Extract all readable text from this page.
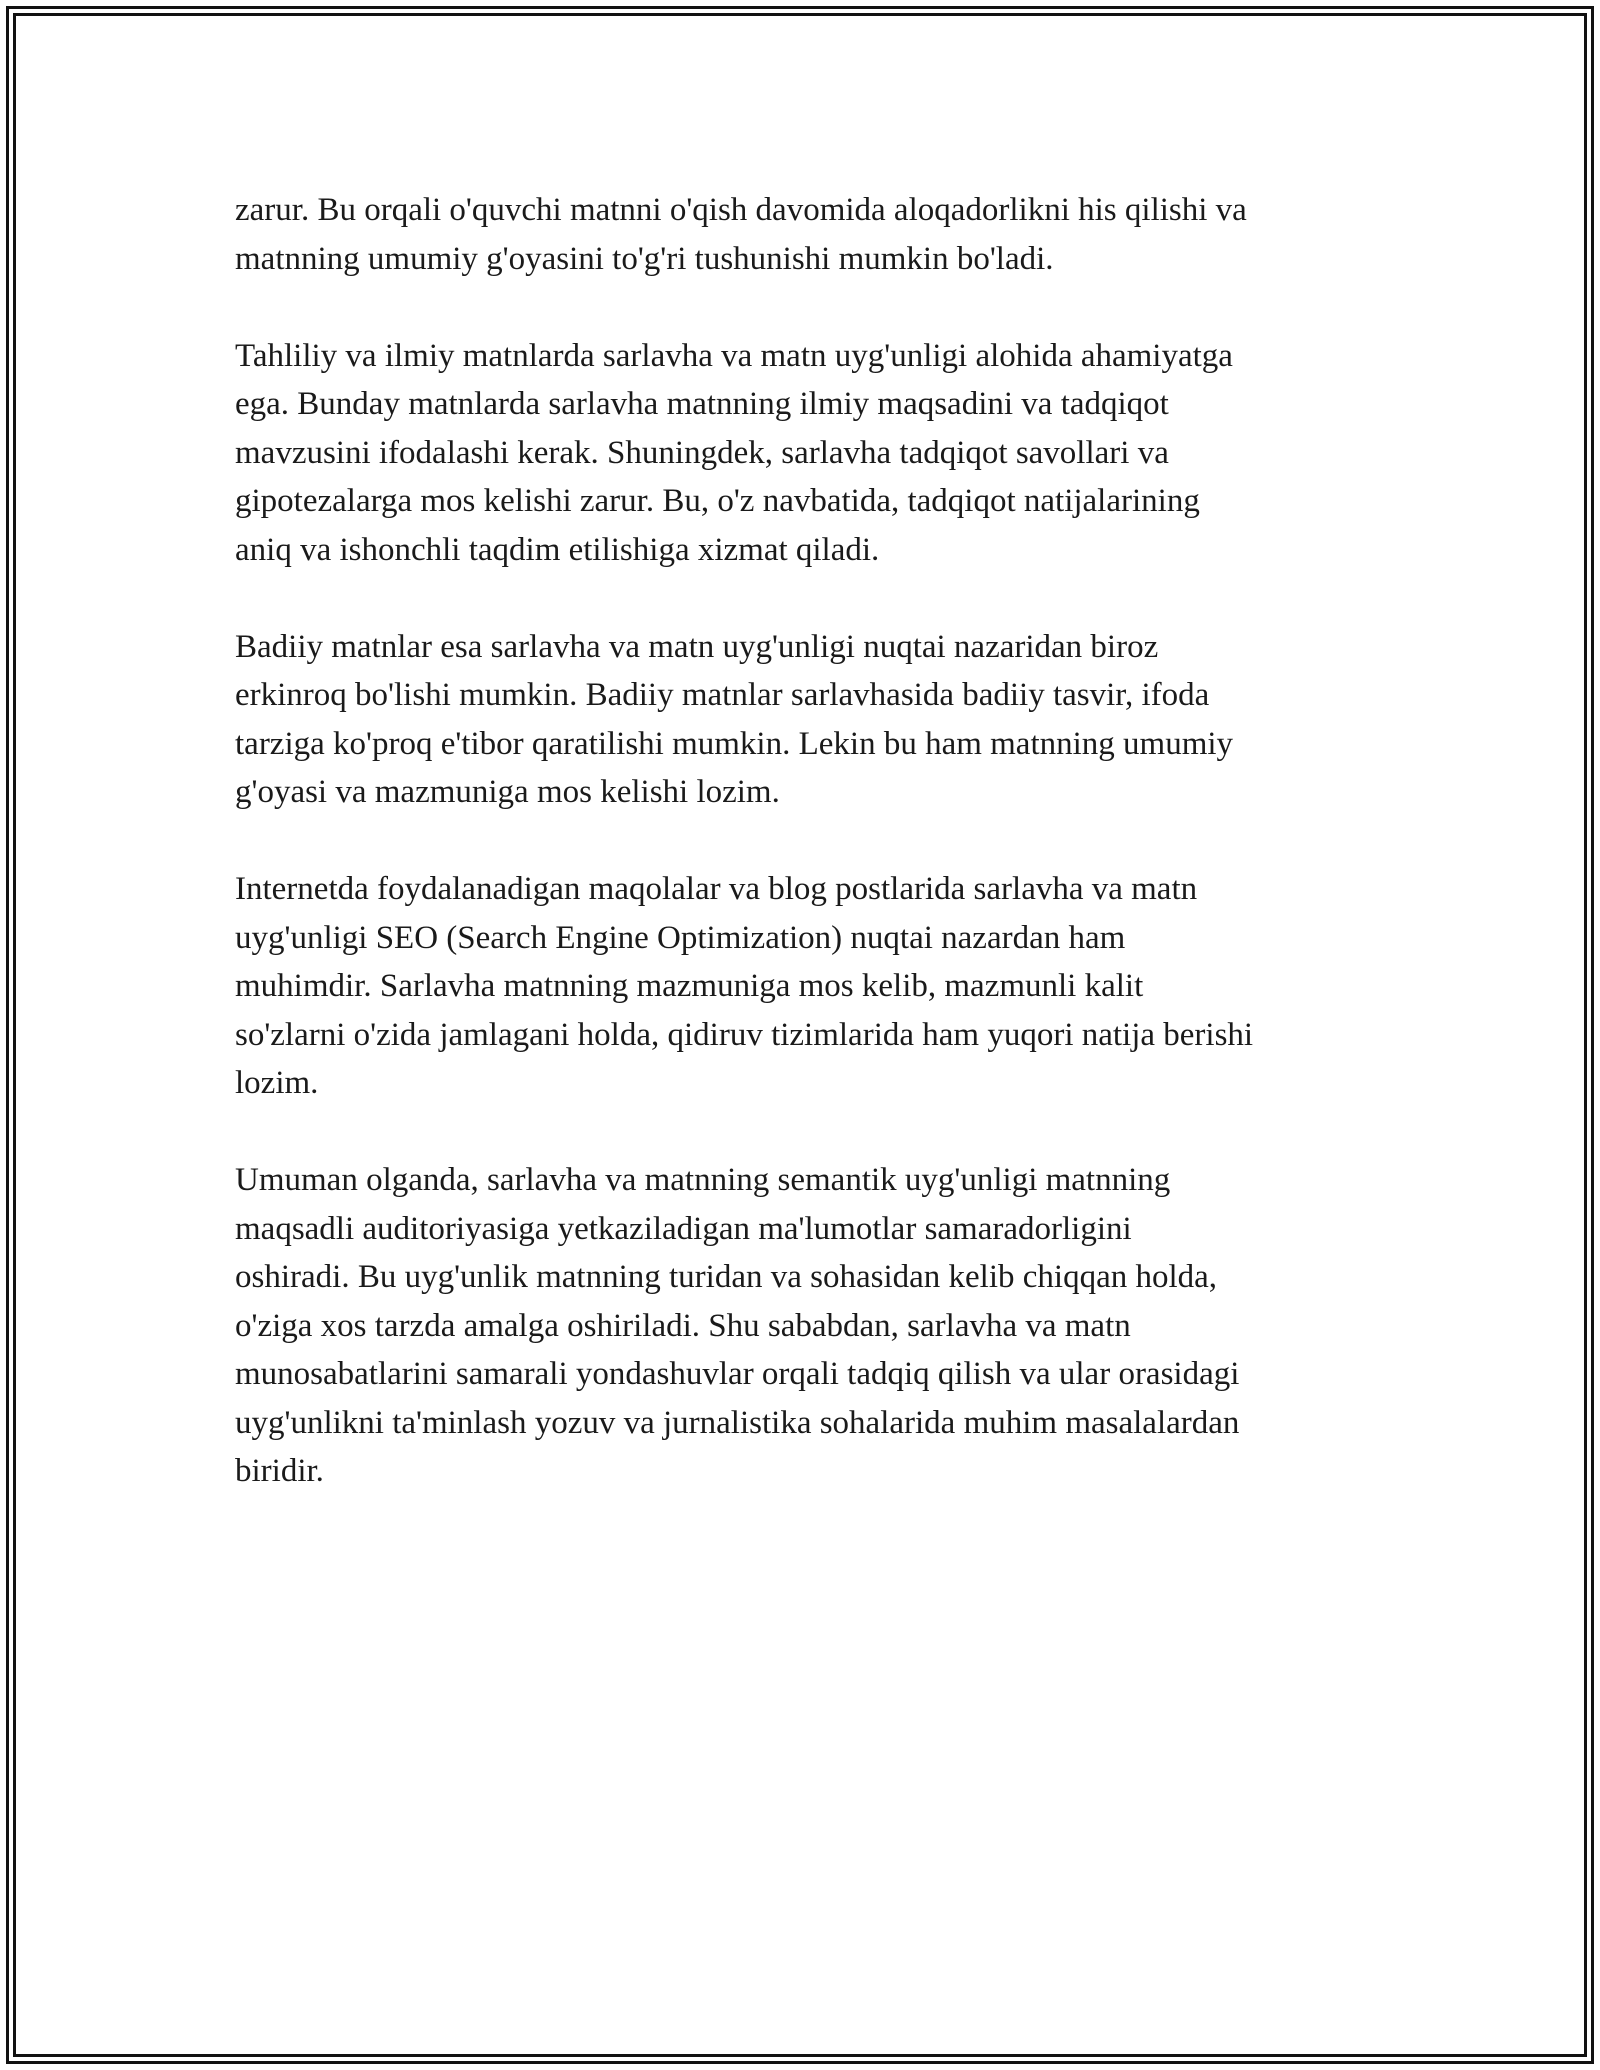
zarur. Bu orqali o'quvchi matnni o'qish davomida aloqadorlikni his qilishi va
matnning umumiy g'oyasini to'g'ri tushunishi mumkin bo'ladi.

Tahliliy va ilmiy matnlarda sarlavha va matn uyg'unligi alohida ahamiyatga
ega. Bunday matnlarda sarlavha matnning ilmiy maqsadini va tadqiqot
mavzusini ifodalashi kerak. Shuningdek, sarlavha tadqiqot savollari va
gipotezalarga mos kelishi zarur. Bu, o'z navbatida, tadqiqot natijalarining
aniq va ishonchli taqdim etilishiga xizmat qiladi.

Badiiy matnlar esa sarlavha va matn uyg'unligi nuqtai nazaridan biroz
erkinroq bo'lishi mumkin. Badiiy matnlar sarlavhasida badiiy tasvir, ifoda
tarziga ko'proq e'tibor qaratilishi mumkin. Lekin bu ham matnning umumiy
g'oyasi va mazmuniga mos kelishi lozim.

Internetda foydalanadigan maqolalar va blog postlarida sarlavha va matn
uyg'unligi SEO (Search Engine Optimization) nuqtai nazardan ham
muhimdir. Sarlavha matnning mazmuniga mos kelib, mazmunli kalit
so'zlarni o'zida jamlagani holda, qidiruv tizimlarida ham yuqori natija berishi
lozim.

Umuman olganda, sarlavha va matnning semantik uyg'unligi matnning
maqsadli auditoriyasiga yetkaziladigan ma'lumotlar samaradorligini
oshiradi. Bu uyg'unlik matnning turidan va sohasidan kelib chiqqan holda,
o'ziga xos tarzda amalga oshiriladi. Shu sababdan, sarlavha va matn
munosabatlarini samarali yondashuvlar orqali tadqiq qilish va ular orasidagi
uyg'unlikni ta'minlash yozuv va jurnalistika sohalarida muhim masalalardan
biridir.
